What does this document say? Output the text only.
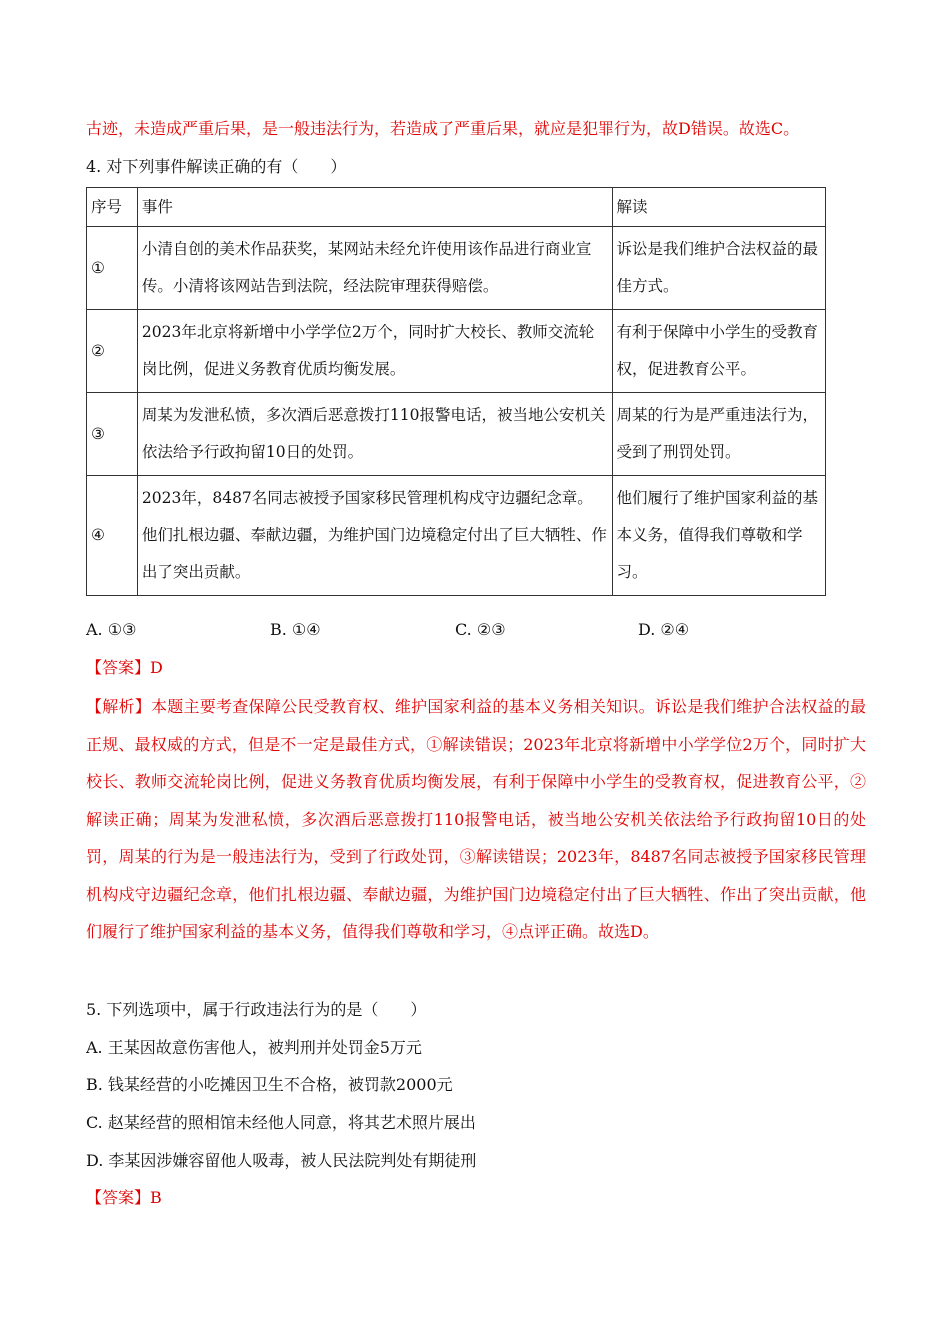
古迹，未造成严重后果，是一般违法行为，若造成了严重后果，就应是犯罪行为，故D错误。故选C。
4. 对下列事件解读正确的有（　　）
序号	事件	解读
①	小清自创的美术作品获奖，某网站未经允许使用该作品进行商业宣传。小清将该网站告到法院，经法院审理获得赔偿。	诉讼是我们维护合法权益的最佳方式。
②	2023年北京将新增中小学学位2万个，同时扩大校长、教师交流轮岗比例，促进义务教育优质均衡发展。	有利于保障中小学生的受教育权，促进教育公平。
③	周某为发泄私愤，多次酒后恶意拨打110报警电话，被当地公安机关依法给予行政拘留10日的处罚。	周某的行为是严重违法行为，受到了刑罚处罚。
④	2023年，8487名同志被授予国家移民管理机构戍守边疆纪念章。他们扎根边疆、奉献边疆，为维护国门边境稳定付出了巨大牺牲、作出了突出贡献。	他们履行了维护国家利益的基本义务，值得我们尊敬和学习。
A. ①③	B. ①④	C. ②③	D. ②④
【答案】D
【解析】本题主要考查保障公民受教育权、维护国家利益的基本义务相关知识。诉讼是我们维护合法权益的最正规、最权威的方式，但是不一定是最佳方式，①解读错误；2023年北京将新增中小学学位2万个，同时扩大校长、教师交流轮岗比例，促进义务教育优质均衡发展，有利于保障中小学生的受教育权，促进教育公平，②解读正确；周某为发泄私愤，多次酒后恶意拨打110报警电话，被当地公安机关依法给予行政拘留10日的处罚，周某的行为是一般违法行为，受到了行政处罚，③解读错误；2023年，8487名同志被授予国家移民管理机构戍守边疆纪念章，他们扎根边疆、奉献边疆，为维护国门边境稳定付出了巨大牺牲、作出了突出贡献，他们履行了维护国家利益的基本义务，值得我们尊敬和学习，④点评正确。故选D。
5. 下列选项中，属于行政违法行为的是（　　）
A. 王某因故意伤害他人，被判刑并处罚金5万元
B. 钱某经营的小吃摊因卫生不合格，被罚款2000元
C. 赵某经营的照相馆未经他人同意，将其艺术照片展出
D. 李某因涉嫌容留他人吸毒，被人民法院判处有期徒刑
【答案】B
